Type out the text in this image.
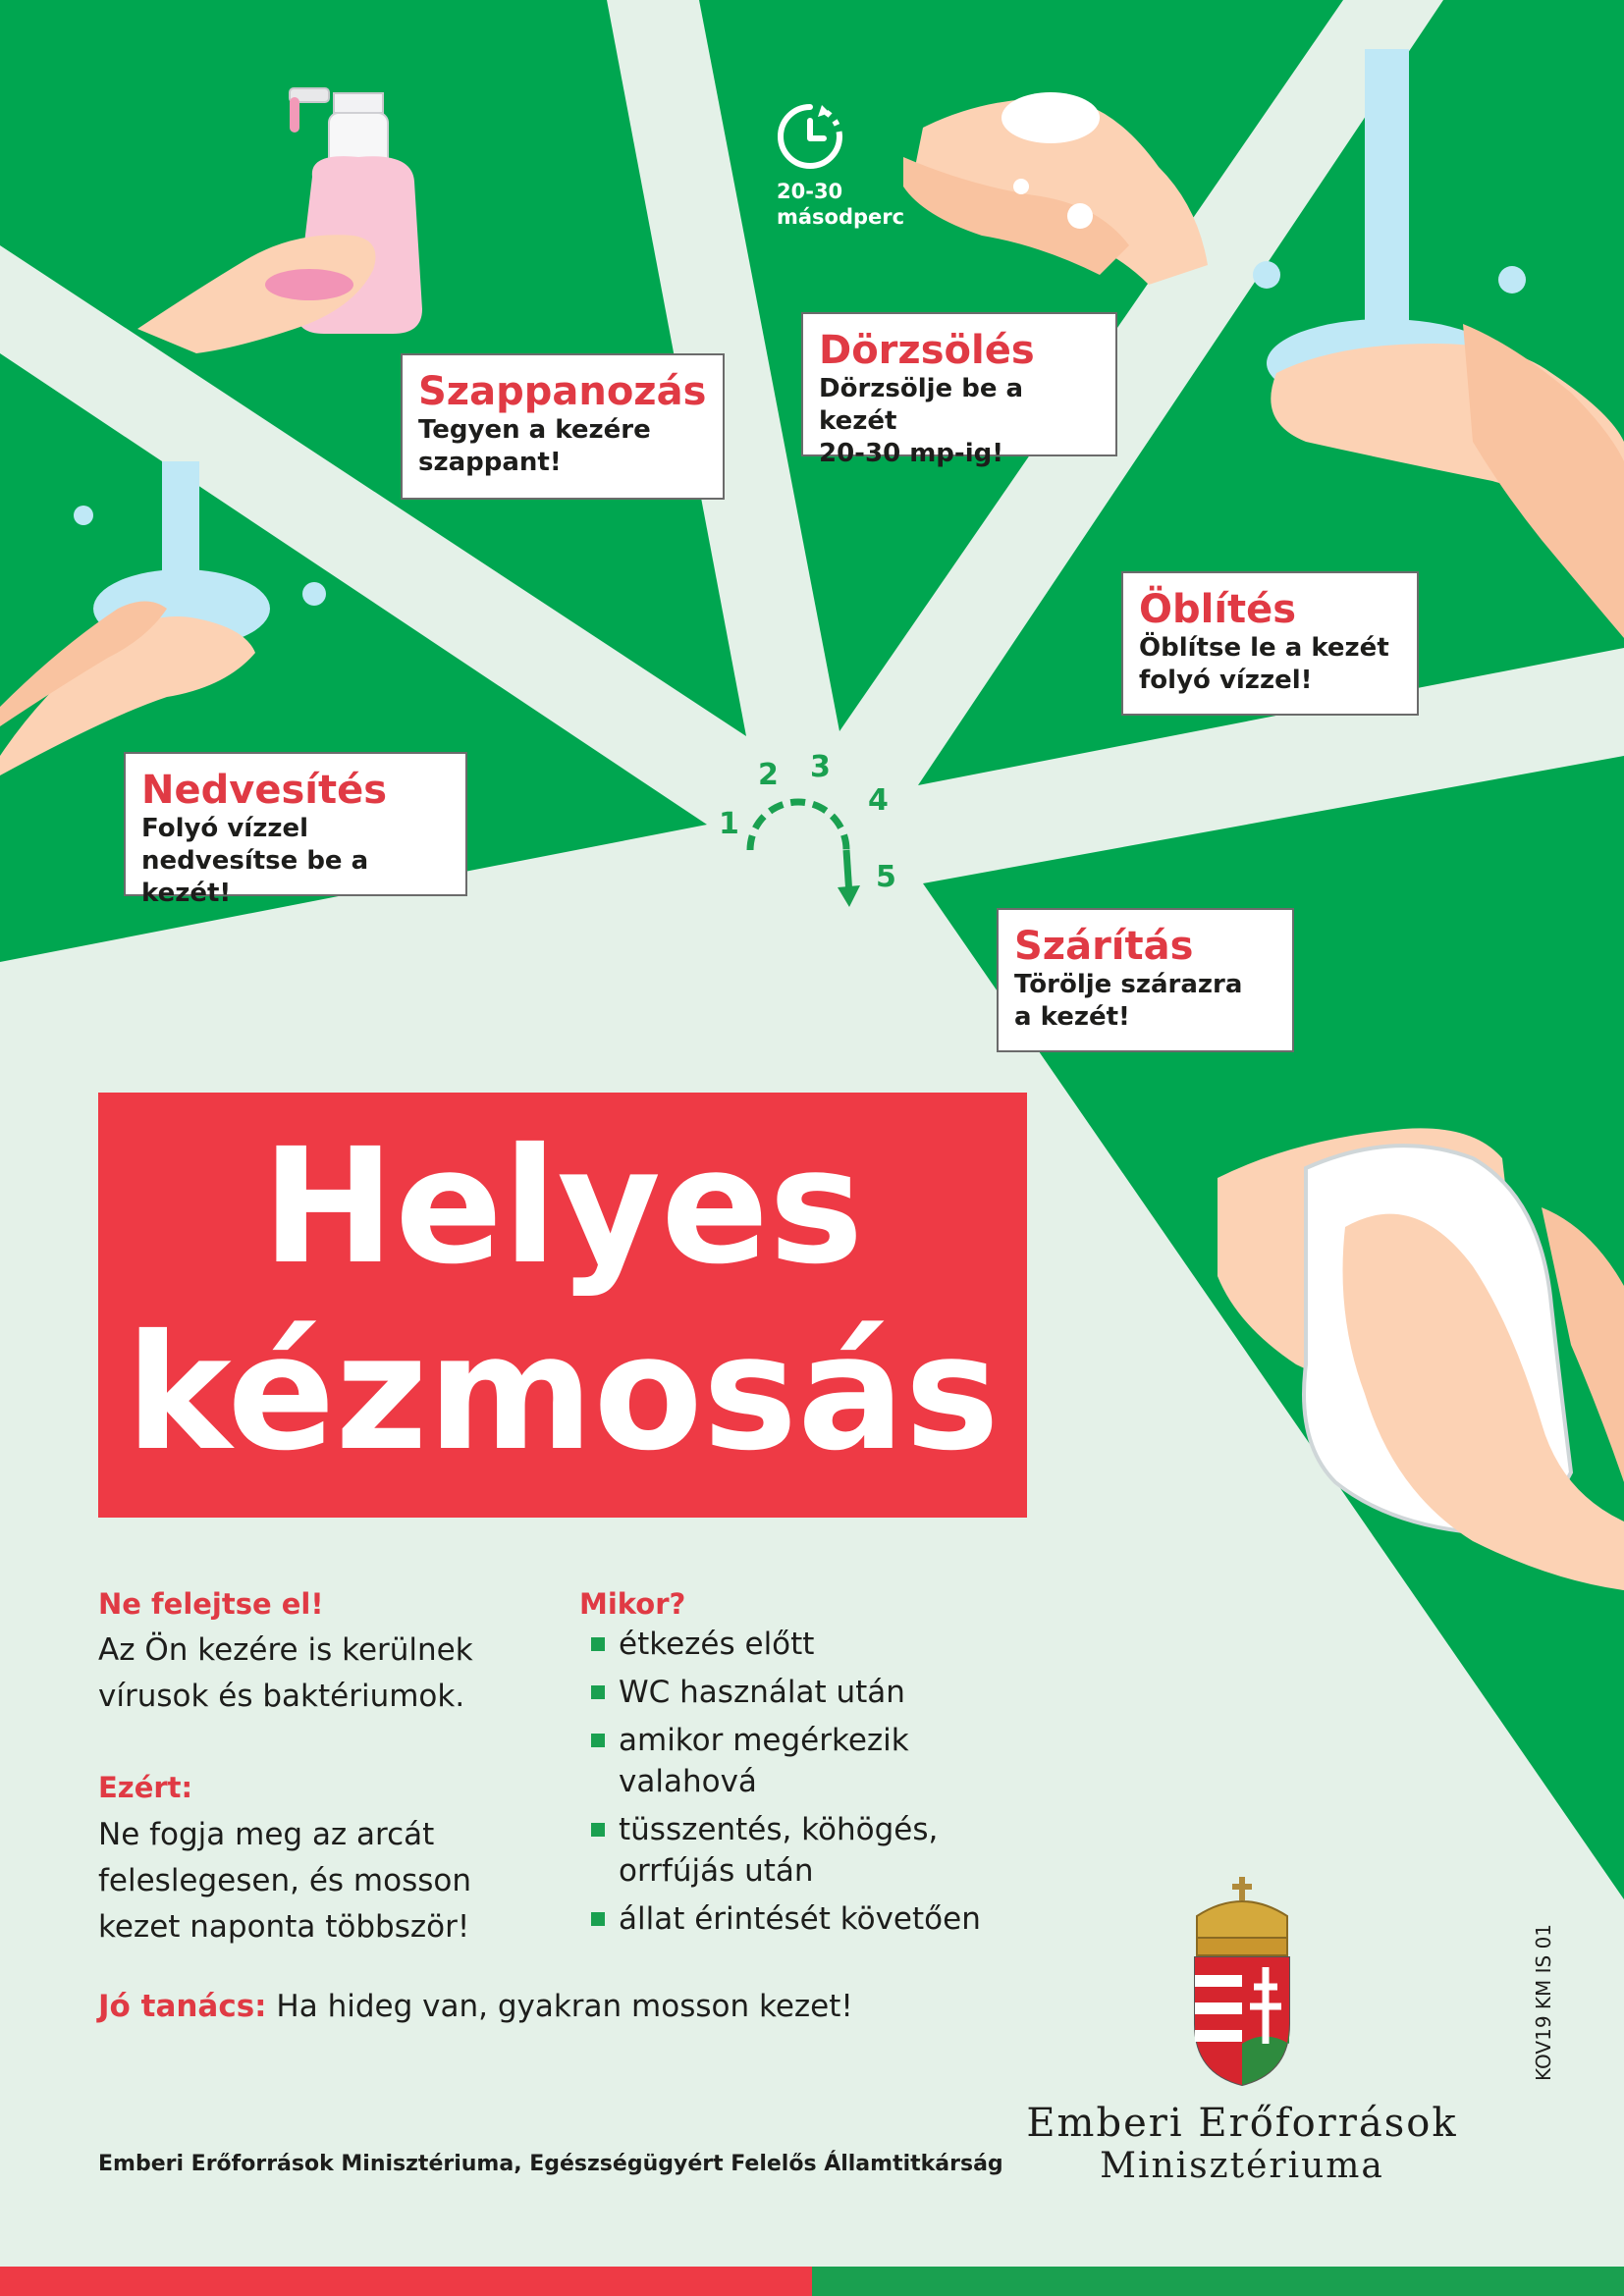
20-30
másodperc
Nedvesítés
Folyó vízzel
nedvesítse be a kezét!
Szappanozás
Tegyen a kezére
szappant!
Dörzsölés
Dörzsölje be a kezét
20-30 mp-ig!
Öblítés
Öblítse le a kezét
folyó vízzel!
Szárítás
Törölje szárazra
a kezét!
1
2 3
4
5
Helyes
kézmosás
Ne felejtse el!
Az Ön kezére is kerülnek
vírusok és baktériumok.
Ezért:
Ne fogja meg az arcát
feleslegesen, és mosson
kezet naponta többször!
Mikor?
étkezés előtt
WC használat után
amikor megérkezik
valahová
tüsszentés, köhögés,
orrfújás után
állat érintését követően
Jó tanács: Ha hideg van, gyakran mosson kezet!
Emberi Erőforrások Minisztériuma, Egészségügyért Felelős Államtitkárság
Emberi Erőforrások
Minisztériuma
KOV19 KM IS 01
